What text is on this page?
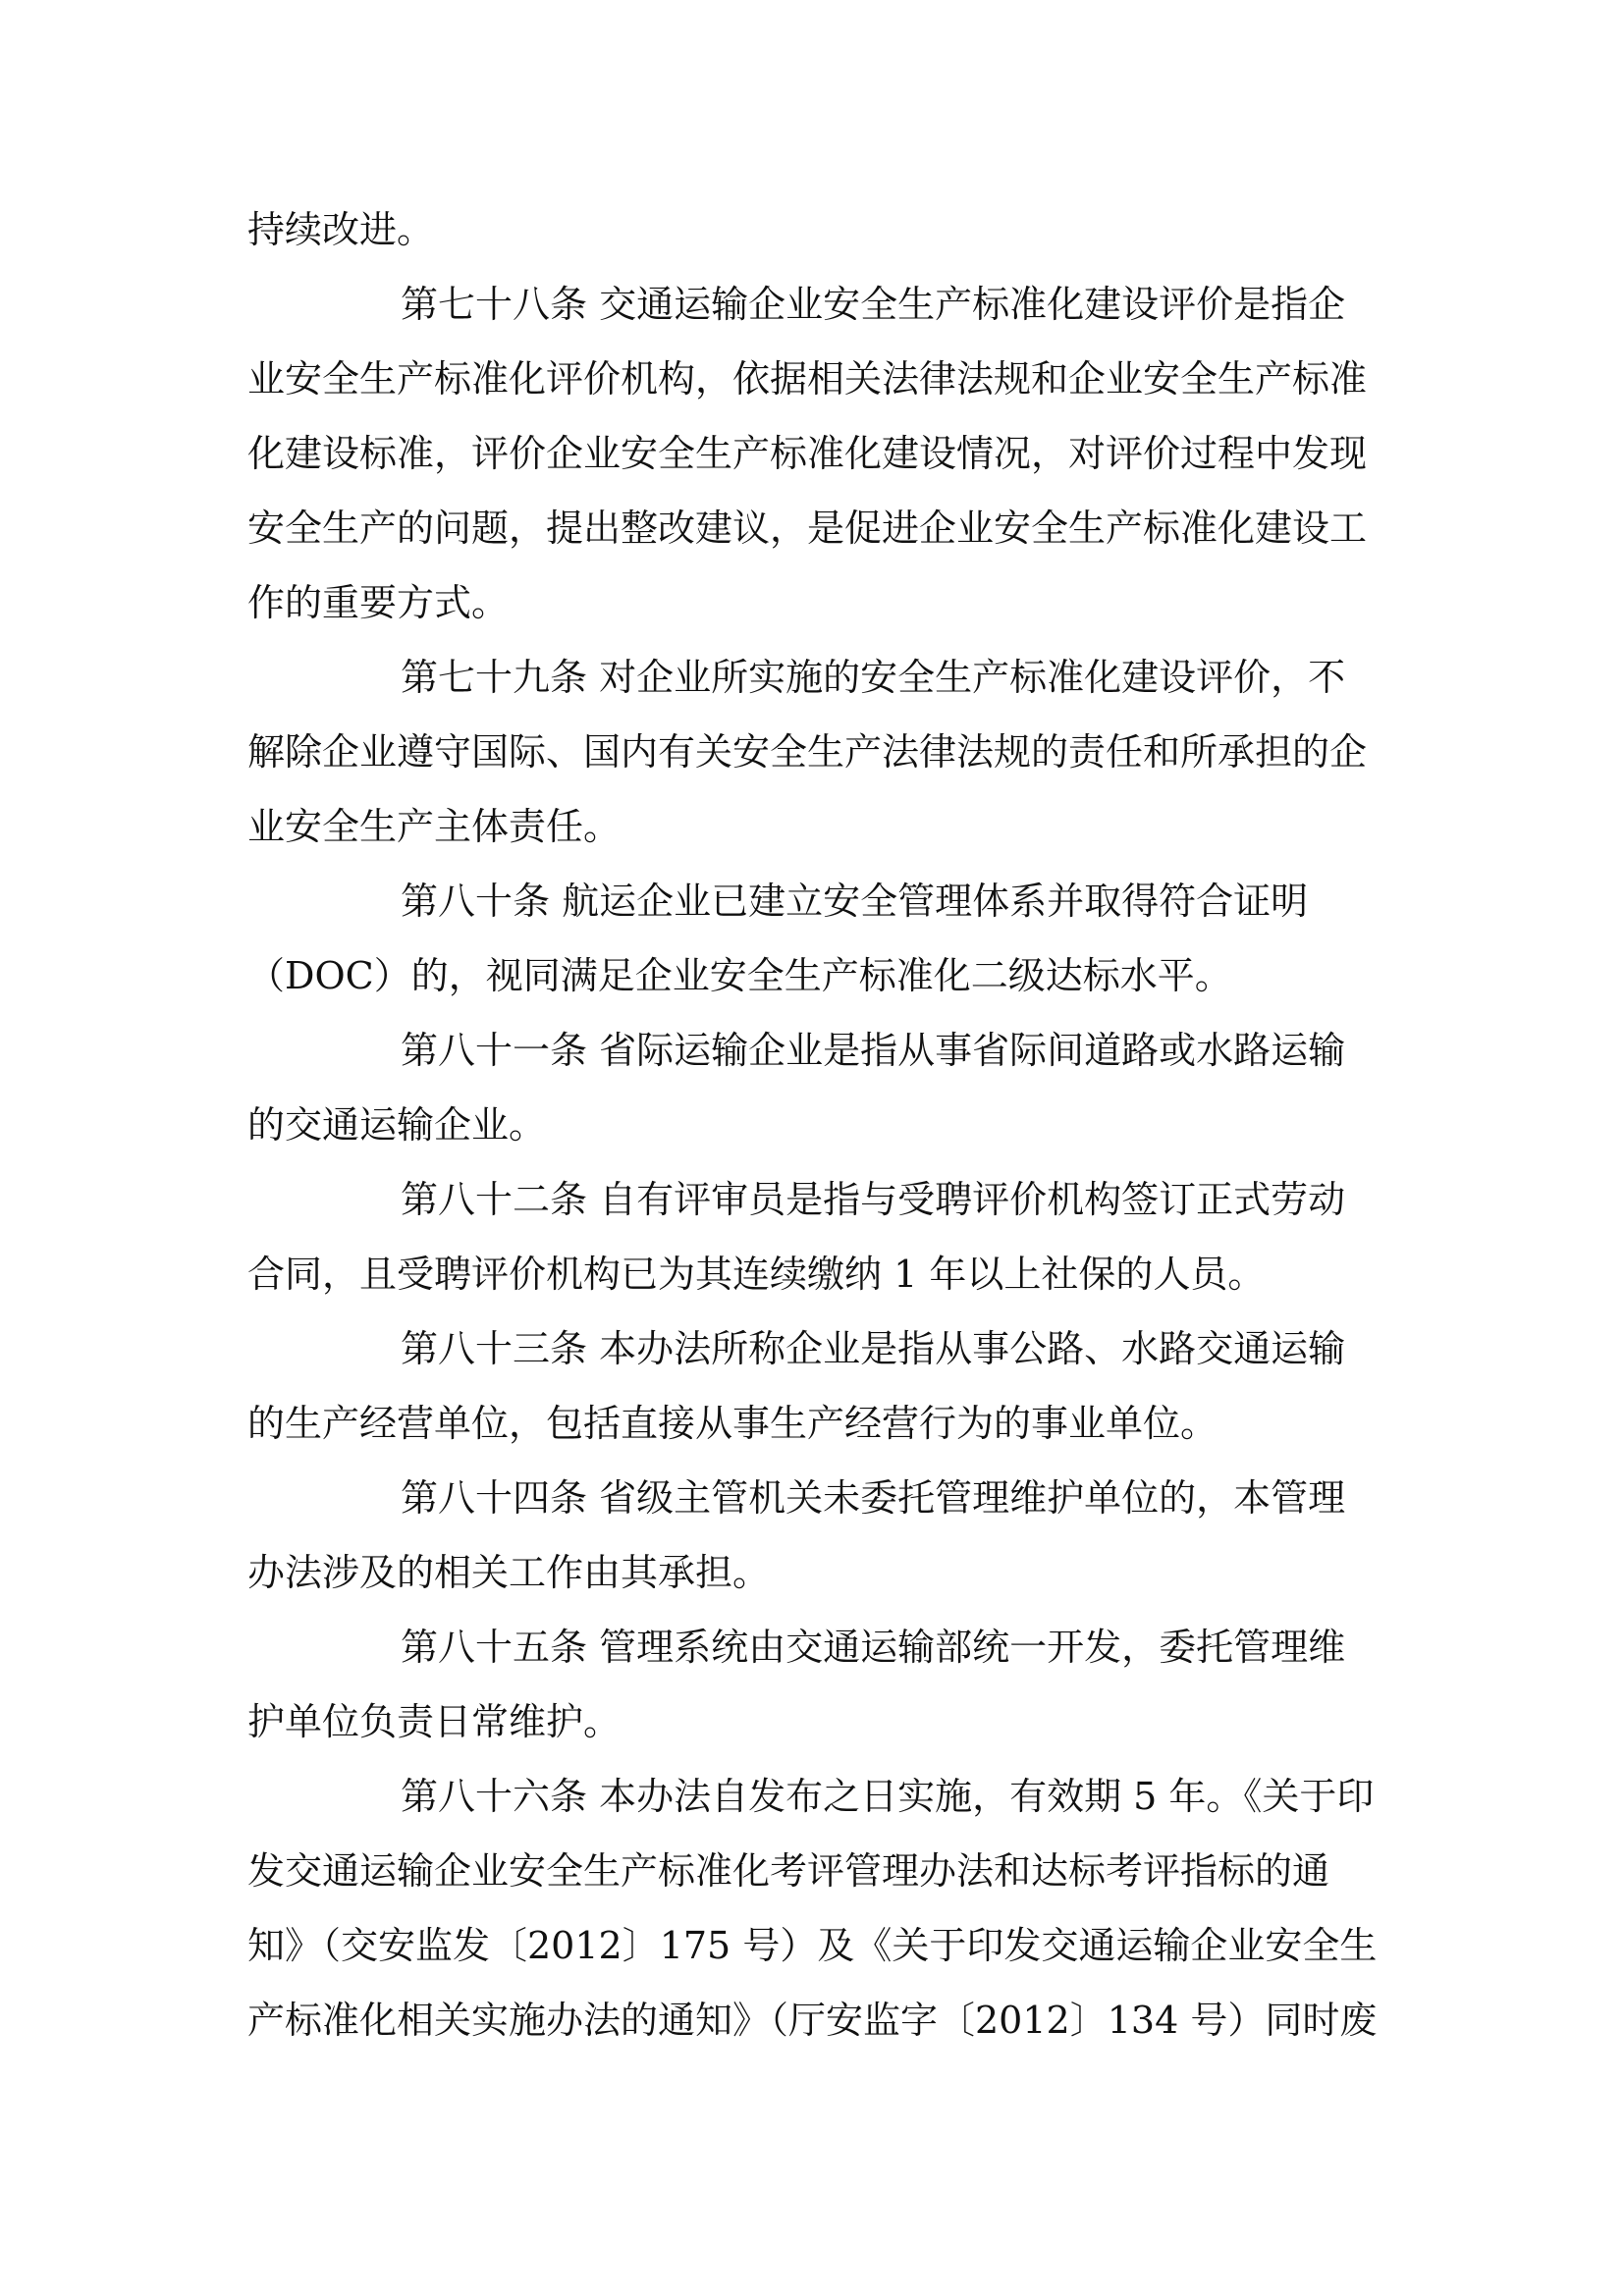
持续改进。
第七十八条 交通运输企业安全生产标准化建设评价是指企
业安全生产标准化评价机构，依据相关法律法规和企业安全生产标准
化建设标准，评价企业安全生产标准化建设情况，对评价过程中发现
安全生产的问题，提出整改建议，是促进企业安全生产标准化建设工
作的重要方式。
第七十九条 对企业所实施的安全生产标准化建设评价，不
解除企业遵守国际、国内有关安全生产法律法规的责任和所承担的企
业安全生产主体责任。
第八十条 航运企业已建立安全管理体系并取得符合证明
（DOC）的，视同满足企业安全生产标准化二级达标水平。
第八十一条 省际运输企业是指从事省际间道路或水路运输
的交通运输企业。
第八十二条 自有评审员是指与受聘评价机构签订正式劳动
合同，且受聘评价机构已为其连续缴纳 1 年以上社保的人员。
第八十三条 本办法所称企业是指从事公路、水路交通运输
的生产经营单位，包括直接从事生产经营行为的事业单位。
第八十四条 省级主管机关未委托管理维护单位的，本管理
办法涉及的相关工作由其承担。
第八十五条 管理系统由交通运输部统一开发，委托管理维
护单位负责日常维护。
第八十六条 本办法自发布之日实施，有效期 5 年。《关于印
发交通运输企业安全生产标准化考评管理办法和达标考评指标的通
知》（交安监发〔2012〕175 号）及《关于印发交通运输企业安全生
产标准化相关实施办法的通知》（厅安监字〔2012〕134 号）同时废
